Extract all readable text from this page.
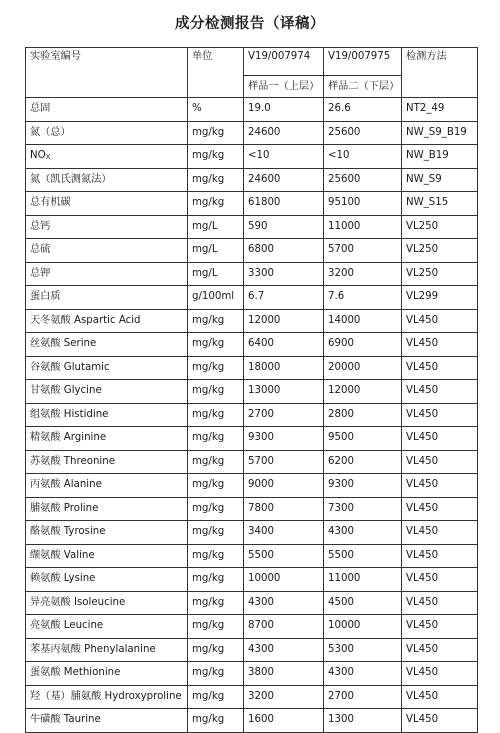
成分检测报告（译稿）
实验室编号	单位	V19/007974	V19/007975	检测方法
		样品一（上层）	样品二（下层）	
总固	%	19.0	26.6	NT2_49
氮（总）	mg/kg	24600	25600	NW_S9_B19
$NO_X$	mg/kg	<10	<10	NW_B19
氮（凯氏测氮法）	mg/kg	24600	25600	NW_S9
总有机碳	mg/kg	61800	95100	NW_S15
总钙	mg/L	590	11000	VL250
总硫	mg/L	6800	5700	VL250
总钾	mg/L	3300	3200	VL250
蛋白质	g/100ml	6.7	7.6	VL299
天冬氨酸 Aspartic Acid	mg/kg	12000	14000	VL450
丝氨酸 Serine	mg/kg	6400	6900	VL450
谷氨酸 Glutamic	mg/kg	18000	20000	VL450
甘氨酸 Glycine	mg/kg	13000	12000	VL450
组氨酸 Histidine	mg/kg	2700	2800	VL450
精氨酸 Arginine	mg/kg	9300	9500	VL450
苏氨酸 Threonine	mg/kg	5700	6200	VL450
丙氨酸 Alanine	mg/kg	9000	9300	VL450
脯氨酸 Proline	mg/kg	7800	7300	VL450
酪氨酸 Tyrosine	mg/kg	3400	4300	VL450
缬氨酸 Valine	mg/kg	5500	5500	VL450
赖氨酸 Lysine	mg/kg	10000	11000	VL450
异亮氨酸 Isoleucine	mg/kg	4300	4500	VL450
亮氨酸 Leucine	mg/kg	8700	10000	VL450
苯基丙氨酸 Phenylalanine	mg/kg	4300	5300	VL450
蛋氨酸 Methionine	mg/kg	3800	4300	VL450
羟（基）脯氨酸 Hydroxyproline	mg/kg	3200	2700	VL450
牛磺酸 Taurine	mg/kg	1600	1300	VL450
